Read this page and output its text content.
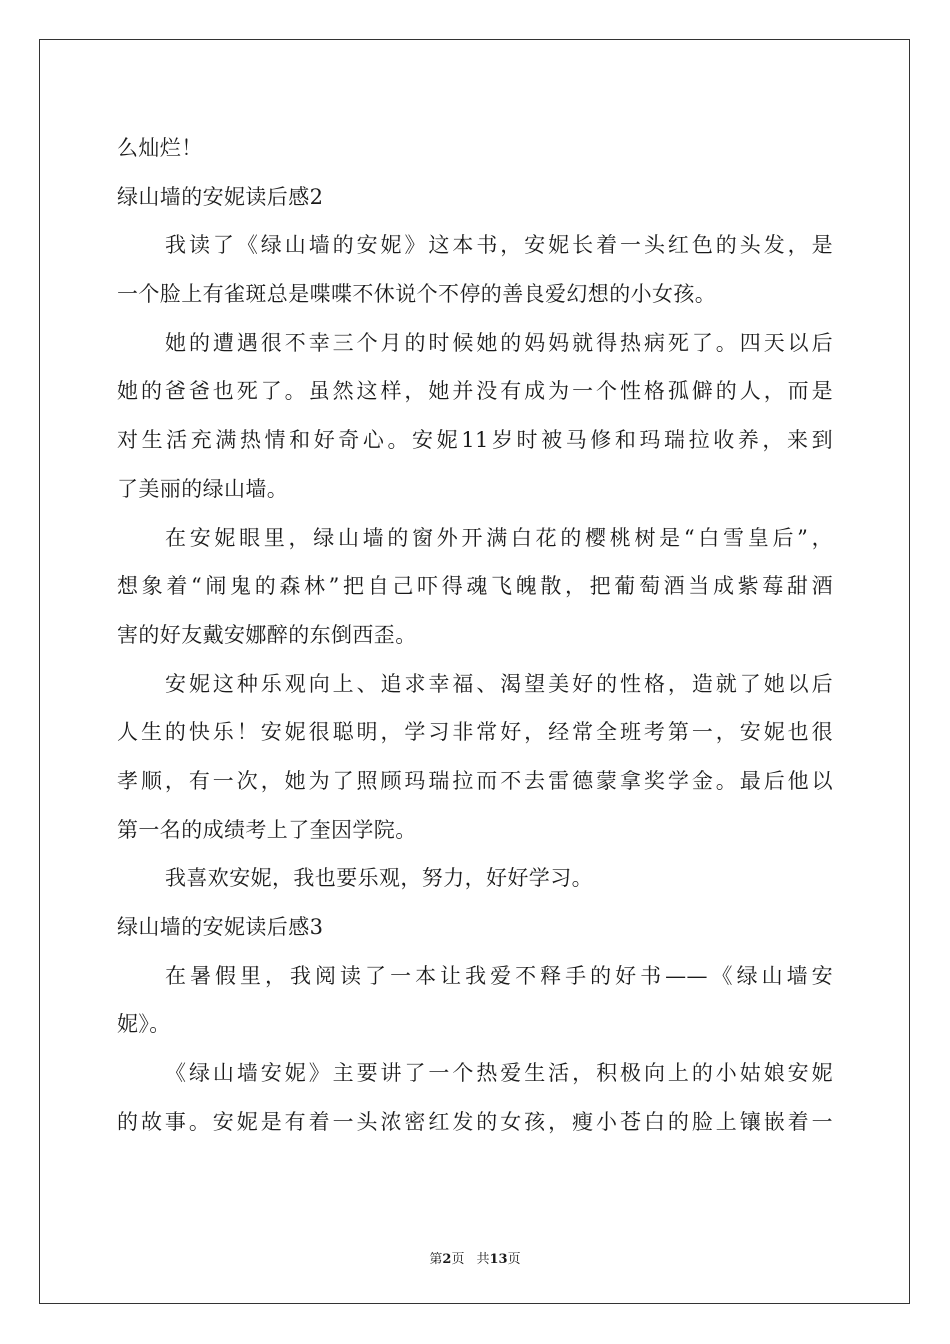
么灿烂！
绿山墙的安妮读后感2
我读了《绿山墙的安妮》这本书，安妮长着一头红色的头发，是
一个脸上有雀斑总是喋喋不休说个不停的善良爱幻想的小女孩。
她的遭遇很不幸三个月的时候她的妈妈就得热病死了。四天以后
她的爸爸也死了。虽然这样，她并没有成为一个性格孤僻的人，而是
对生活充满热情和好奇心。安妮11岁时被马修和玛瑞拉收养，来到
了美丽的绿山墙。
在安妮眼里，绿山墙的窗外开满白花的樱桃树是“白雪皇后”，
想象着“闹鬼的森林”把自己吓得魂飞魄散，把葡萄酒当成紫莓甜酒
害的好友戴安娜醉的东倒西歪。
安妮这种乐观向上、追求幸福、渴望美好的性格，造就了她以后
人生的快乐！安妮很聪明，学习非常好，经常全班考第一，安妮也很
孝顺，有一次，她为了照顾玛瑞拉而不去雷德蒙拿奖学金。最后他以
第一名的成绩考上了奎因学院。
我喜欢安妮，我也要乐观，努力，好好学习。
绿山墙的安妮读后感3
在暑假里，我阅读了一本让我爱不释手的好书——《绿山墙安
妮》。
《绿山墙安妮》主要讲了一个热爱生活，积极向上的小姑娘安妮
的故事。安妮是有着一头浓密红发的女孩，瘦小苍白的脸上镶嵌着一
第2页 共13页
